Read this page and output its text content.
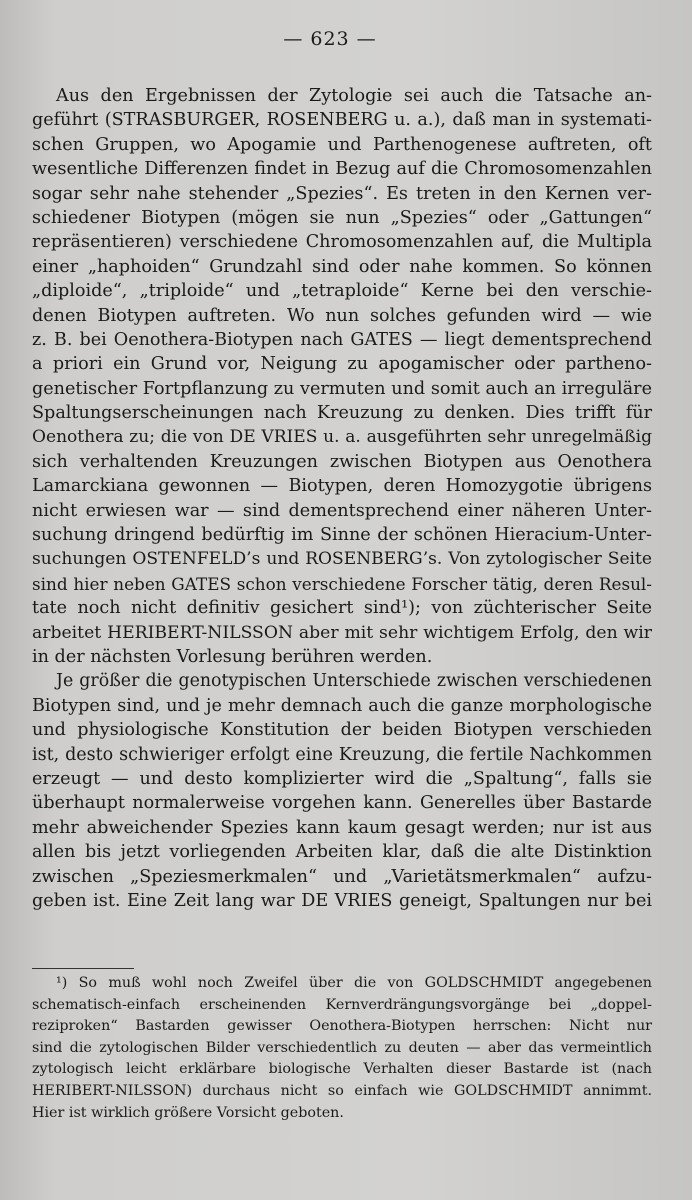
— 623 —
Aus den Ergebnissen der Zytologie sei auch die Tatsache an-
geführt (STRASBURGER, ROSENBERG u. a.), daß man in systemati-
schen Gruppen, wo Apogamie und Parthenogenese auftreten, oft
wesentliche Differenzen findet in Bezug auf die Chromosomenzahlen
sogar sehr nahe stehender „Spezies“. Es treten in den Kernen ver-
schiedener Biotypen (mögen sie nun „Spezies“ oder „Gattungen“
repräsentieren) verschiedene Chromosomenzahlen auf, die Multipla
einer „haphoiden“ Grundzahl sind oder nahe kommen. So können
„diploide“, „triploide“ und „tetraploide“ Kerne bei den verschie-
denen Biotypen auftreten. Wo nun solches gefunden wird — wie
z. B. bei Oenothera-Biotypen nach GATES — liegt dementsprechend
a priori ein Grund vor, Neigung zu apogamischer oder partheno-
genetischer Fortpflanzung zu vermuten und somit auch an irreguläre
Spaltungserscheinungen nach Kreuzung zu denken. Dies trifft für
Oenothera zu; die von DE VRIES u. a. ausgeführten sehr unregelmäßig
sich verhaltenden Kreuzungen zwischen Biotypen aus Oenothera
Lamarckiana gewonnen — Biotypen, deren Homozygotie übrigens
nicht erwiesen war — sind dementsprechend einer näheren Unter-
suchung dringend bedürftig im Sinne der schönen Hieracium-Unter-
suchungen OSTENFELD’s und ROSENBERG’s. Von zytologischer Seite
sind hier neben GATES schon verschiedene Forscher tätig, deren Resul-
tate noch nicht definitiv gesichert sind¹); von züchterischer Seite
arbeitet HERIBERT-NILSSON aber mit sehr wichtigem Erfolg, den wir
in der nächsten Vorlesung berühren werden.
Je größer die genotypischen Unterschiede zwischen verschiedenen
Biotypen sind, und je mehr demnach auch die ganze morphologische
und physiologische Konstitution der beiden Biotypen verschieden
ist, desto schwieriger erfolgt eine Kreuzung, die fertile Nachkommen
erzeugt — und desto komplizierter wird die „Spaltung“, falls sie
überhaupt normalerweise vorgehen kann. Generelles über Bastarde
mehr abweichender Spezies kann kaum gesagt werden; nur ist aus
allen bis jetzt vorliegenden Arbeiten klar, daß die alte Distinktion
zwischen „Speziesmerkmalen“ und „Varietätsmerkmalen“ aufzu-
geben ist. Eine Zeit lang war DE VRIES geneigt, Spaltungen nur bei
¹) So muß wohl noch Zweifel über die von GOLDSCHMIDT angegebenen
schematisch-einfach erscheinenden Kernverdrängungsvorgänge bei „doppel-
reziproken“ Bastarden gewisser Oenothera-Biotypen herrschen: Nicht nur
sind die zytologischen Bilder verschiedentlich zu deuten — aber das vermeintlich
zytologisch leicht erklärbare biologische Verhalten dieser Bastarde ist (nach
HERIBERT-NILSSON) durchaus nicht so einfach wie GOLDSCHMIDT annimmt.
Hier ist wirklich größere Vorsicht geboten.
